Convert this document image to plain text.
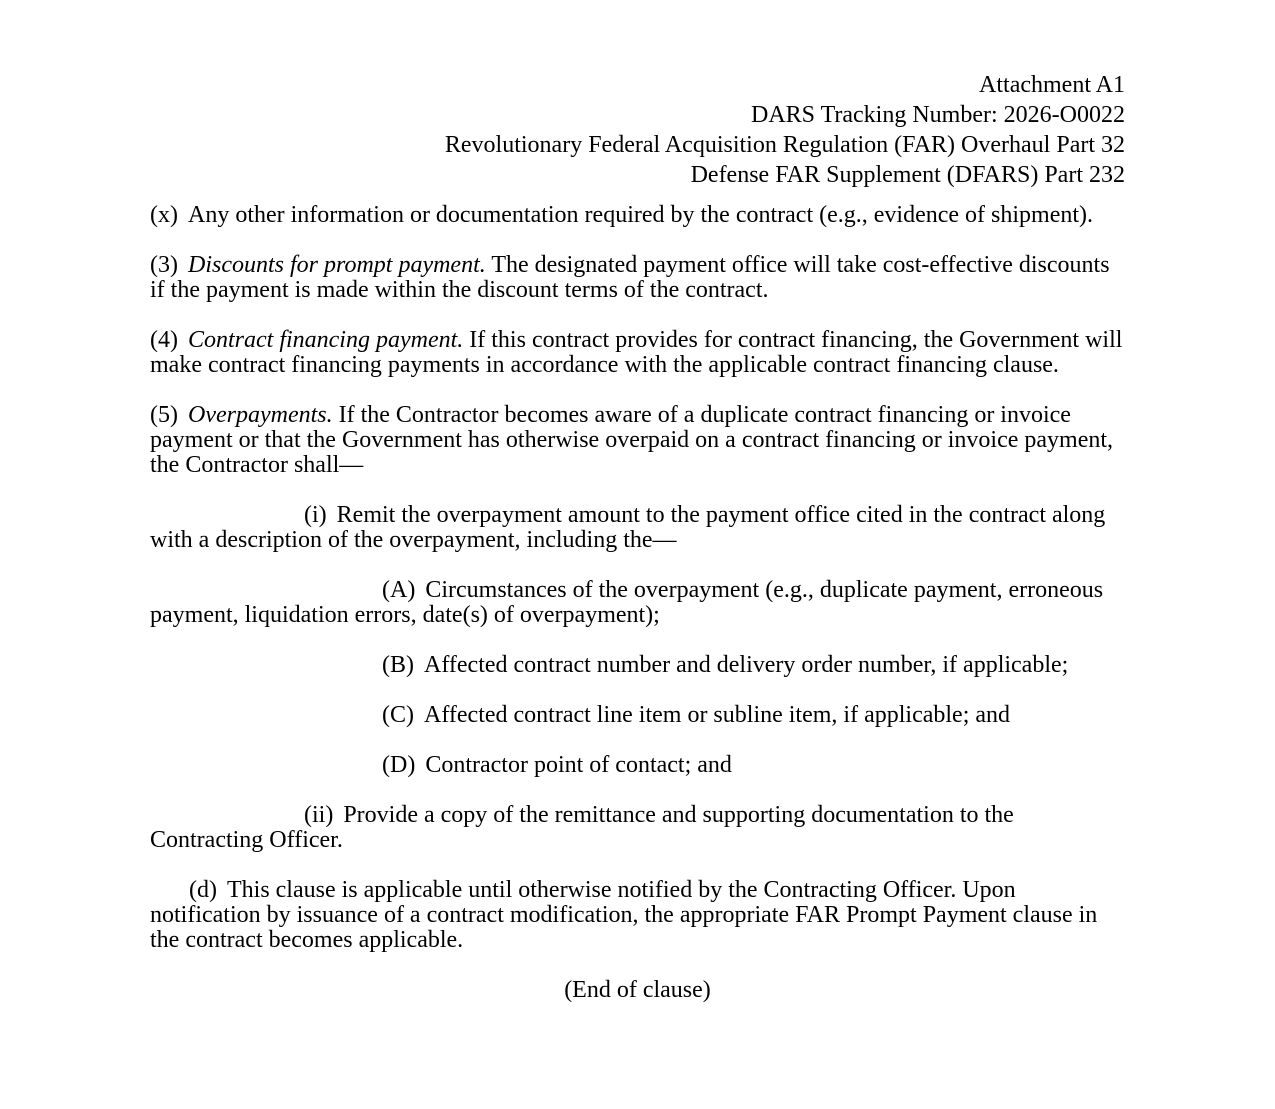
Attachment A1
DARS Tracking Number: 2026-O0022
Revolutionary Federal Acquisition Regulation (FAR) Overhaul Part 32
Defense FAR Supplement (DFARS) Part 232

(x) Any other information or documentation required by the contract (e.g., evidence of shipment).

(3) Discounts for prompt payment. The designated payment office will take cost-effective discounts if the payment is made within the discount terms of the contract.

(4) Contract financing payment. If this contract provides for contract financing, the Government will make contract financing payments in accordance with the applicable contract financing clause.

(5) Overpayments. If the Contractor becomes aware of a duplicate contract financing or invoice payment or that the Government has otherwise overpaid on a contract financing or invoice payment, the Contractor shall—

(i) Remit the overpayment amount to the payment office cited in the contract along with a description of the overpayment, including the—

(A) Circumstances of the overpayment (e.g., duplicate payment, erroneous payment, liquidation errors, date(s) of overpayment);

(B) Affected contract number and delivery order number, if applicable;

(C) Affected contract line item or subline item, if applicable; and

(D) Contractor point of contact; and

(ii) Provide a copy of the remittance and supporting documentation to the Contracting Officer.

(d) This clause is applicable until otherwise notified by the Contracting Officer. Upon notification by issuance of a contract modification, the appropriate FAR Prompt Payment clause in the contract becomes applicable.

(End of clause)
